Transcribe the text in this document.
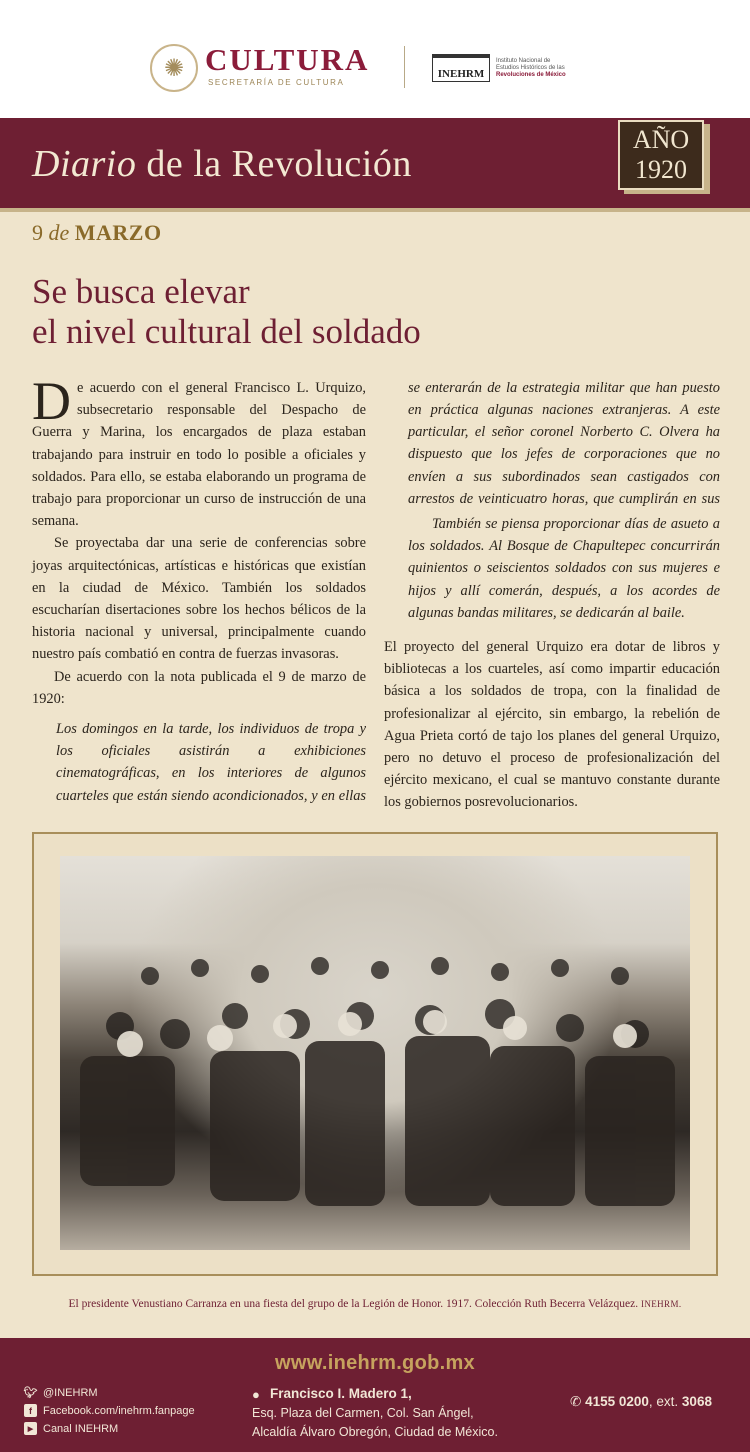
✺ CULTURA
SECRETARÍA DE CULTURA
INEHRM
Instituto Nacional de
Estudios Históricos de las
Revoluciones de México
Diario de la Revolución
AÑO
1920
9 de MARZO
Se busca elevar
el nivel cultural del soldado

De acuerdo con el general Francisco L. Urquizo, subsecretario responsable del Despacho de Guerra y Marina, los encargados de plaza estaban trabajando para instruir en todo lo posible a oficiales y soldados. Para ello, se estaba elaborando un programa de trabajo para proporcionar un curso de instrucción de una semana.

Se proyectaba dar una serie de conferencias sobre joyas arquitectónicas, artísticas e históricas que existían en la ciudad de México. También los soldados escucharían disertaciones sobre los hechos bélicos de la historia nacional y universal, principalmente cuando nuestro país combatió en contra de fuerzas invasoras.

De acuerdo con la nota publicada el 9 de marzo de 1920:

Los domingos en la tarde, los individuos de tropa y los oficiales asistirán a exhibiciones cinematográficas, en los interiores de algunos cuarteles que están siendo acondicionados, y en ellas

se enterarán de la estrategia militar que han puesto en práctica algunas naciones extranjeras. A este particular, el señor coronel Norberto C. Olvera ha dispuesto que los jefes de corporaciones que no envíen a sus subordinados sean castigados con arrestos de veinticuatro horas, que cumplirán en sus

También se piensa proporcionar días de asueto a los soldados. Al Bosque de Chapultepec concurrirán quinientos o seiscientos soldados con sus mujeres e hijos y allí comerán, después, a los acordes de algunas bandas militares, se dedicarán al baile.

El proyecto del general Urquizo era dotar de libros y bibliotecas a los cuarteles, así como impartir educación básica a los soldados de tropa, con la finalidad de profesionalizar al ejército, sin embargo, la rebelión de Agua Prieta cortó de tajo los planes del general Urquizo, pero no detuvo el proceso de profesionalización del ejército mexicano, el cual se mantuvo constante durante los gobiernos posrevolucionarios.

El presidente Venustiano Carranza en una fiesta del grupo de la Legión de Honor. 1917. Colección Ruth Becerra Velázquez. INEHRM.
www.inehrm.gob.mx
🐦︎ @INEHRM
f	Facebook.com/inehrm.fanpage
▶ Canal INEHRM
● Francisco I. Madero 1,
Esq. Plaza del Carmen, Col. San Ángel,
Alcaldía Álvaro Obregón, Ciudad de México.
✆ 4155 0200, ext. 3068
